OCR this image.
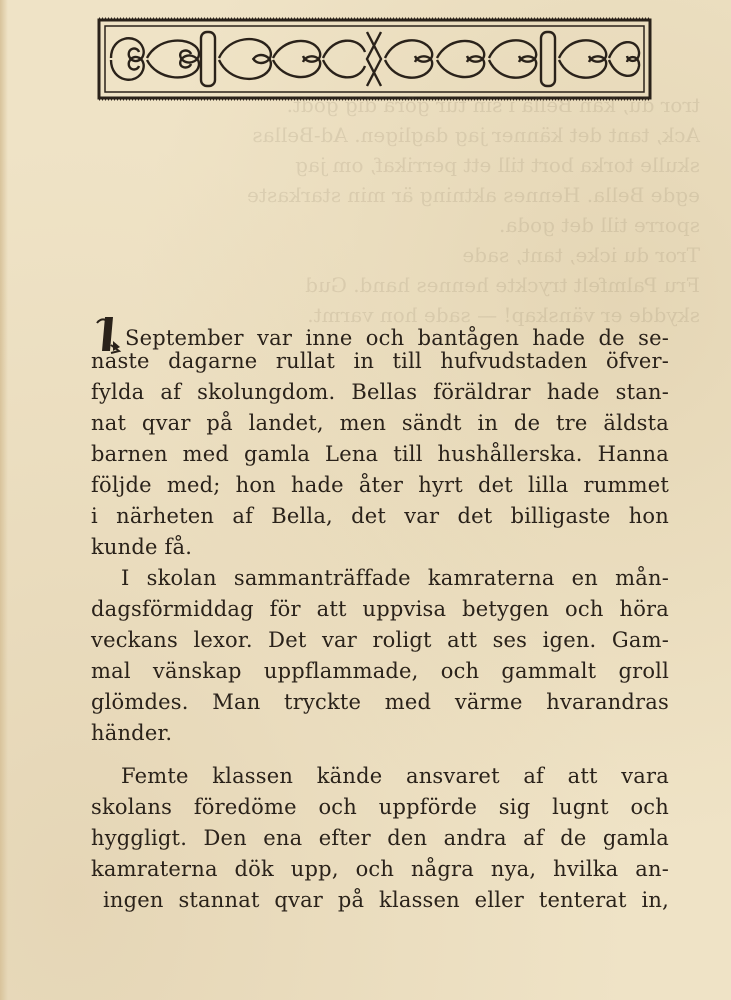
tror du, kan Bella i sin tur göra dig godt.
Ack, tant det känner jag dagligen. Ad-Bellas
skulle torka bort till ett perrikaf, om jag
egde Bella. Hennes aktning är min starkaste
sporre till det goda.
Tror du icke, tant, sade
Fru Palmfelt tryckte hennes hand. Gud
skydde er vänskap! — sade hon varmt.
September var inne och bantågen hade de se-
naste dagarne rullat in till hufvudstaden öfver-
fylda af skolungdom. Bellas föräldrar hade stan-
nat qvar på landet, men sändt in de tre äldsta
barnen med gamla Lena till hushållerska. Hanna
följde med; hon hade åter hyrt det lilla rummet
i närheten af Bella, det var det billigaste hon
kunde få.
I skolan sammanträffade kamraterna en mån-
dagsförmiddag för att uppvisa betygen och höra
veckans lexor. Det var roligt att ses igen. Gam-
mal vänskap uppflammade, och gammalt groll
glömdes. Man tryckte med värme hvarandras
händer.
Femte klassen kände ansvaret af att vara
skolans föredöme och uppförde sig lugnt och
hyggligt. Den ena efter den andra af de gamla
kamraterna dök upp, och några nya, hvilka an-
ingen stannat qvar på klassen eller tenterat in,
